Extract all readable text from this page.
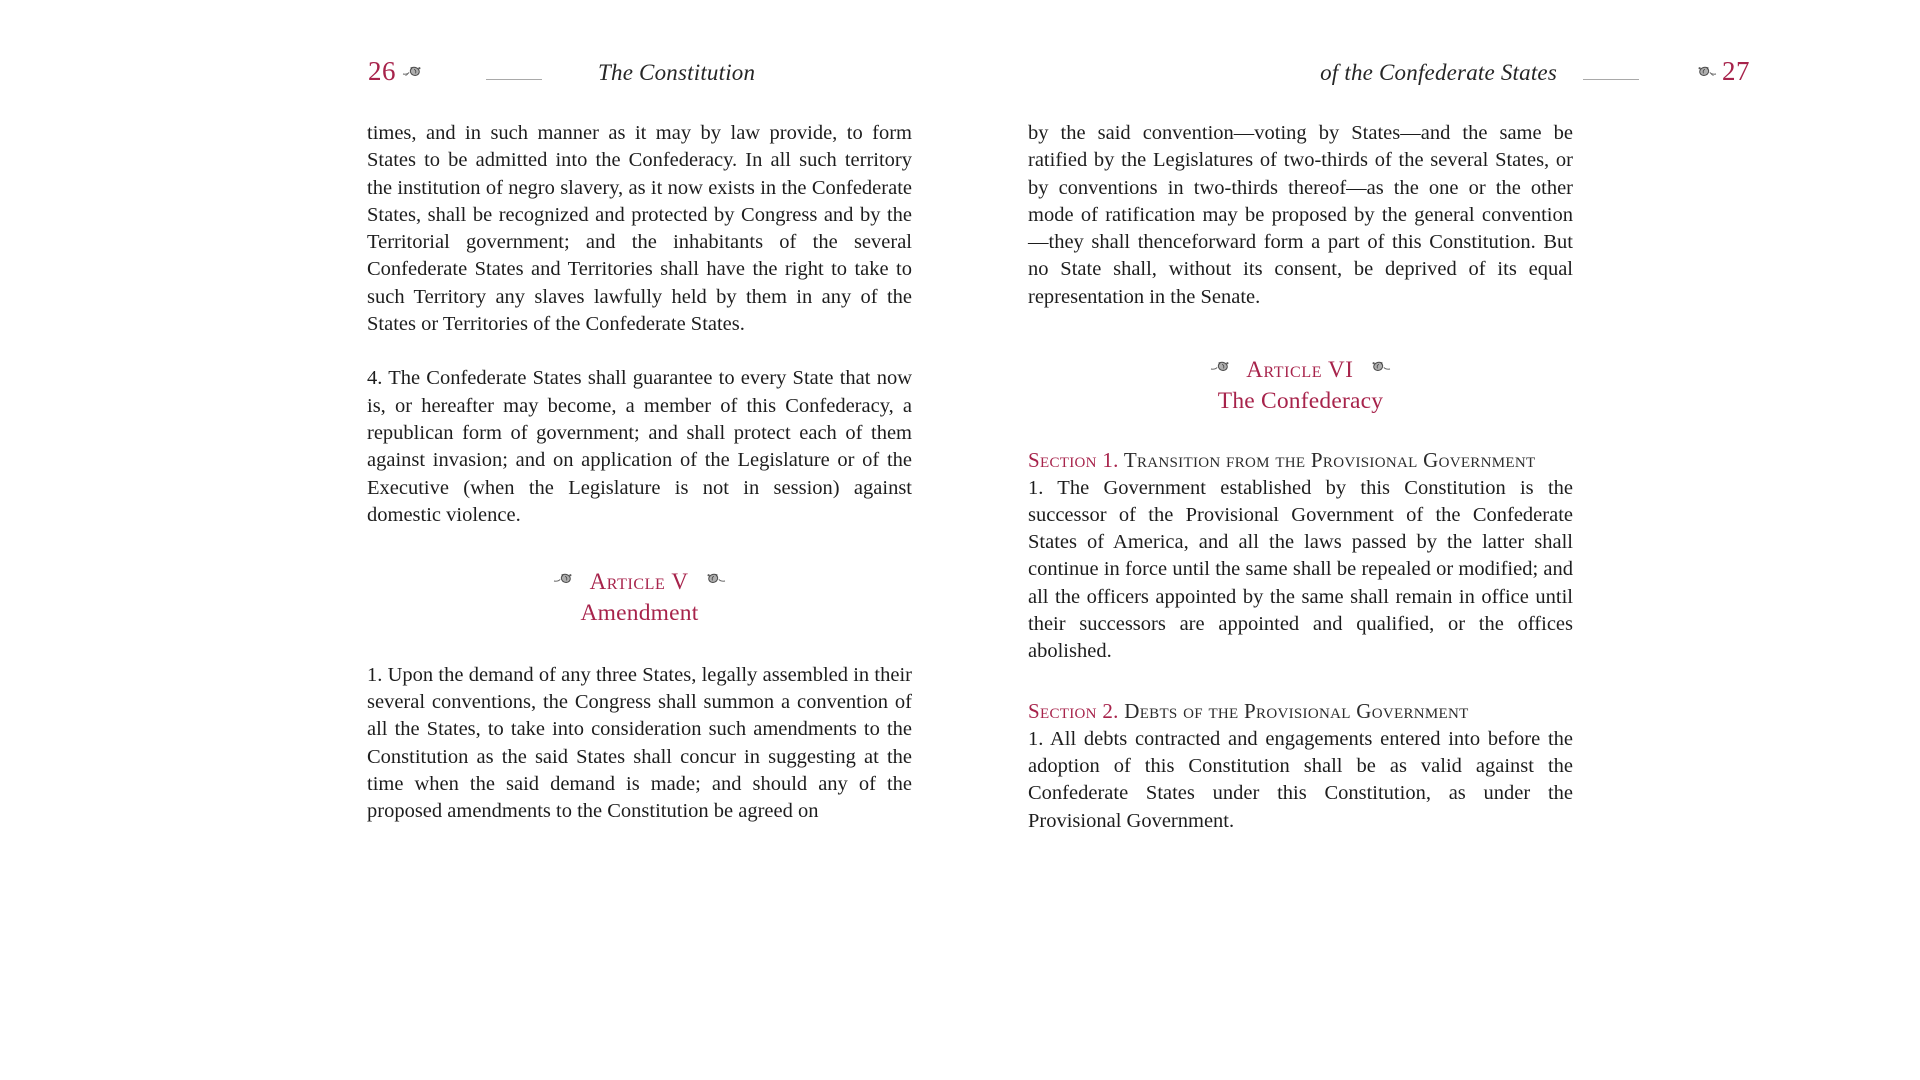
26	The Constitution	of the Confederate States	27

times, and in such manner as it may by law provide, to form States to be admitted into the Confederacy. In all such territory the institution of negro slavery, as it now exists in the Confederate States, shall be recognized and protected by Congress and by the Territorial government; and the inhabitants of the several Confederate States and Territories shall have the right to take to such Territory any slaves lawfully held by them in any of the States or Territories of the Confederate States.

4. The Confederate States shall guarantee to every State that now is, or hereafter may become, a member of this Confederacy, a republican form of government; and shall protect each of them against invasion; and on application of the Legislature or of the Executive (when the Legislature is not in session) against domestic violence.

Article V
Amendment

1. Upon the demand of any three States, legally assembled in their several conventions, the Congress shall summon a convention of all the States, to take into consideration such amendments to the Constitution as the said States shall concur in suggesting at the time when the said demand is made; and should any of the proposed amendments to the Constitution be agreed on

by the said convention—voting by States—and the same be ratified by the Legislatures of two-thirds of the several States, or by conventions in two-thirds thereof—as the one or the other mode of ratification may be proposed by the general convention—they shall thenceforward form a part of this Constitution. But no State shall, without its consent, be deprived of its equal representation in the Senate.

Article VI
The Confederacy
Section 1. Transition from the Provisional Government

1. The Government established by this Constitution is the successor of the Provisional Government of the Confederate States of America, and all the laws passed by the latter shall continue in force until the same shall be repealed or modified; and all the officers appointed by the same shall remain in office until their successors are appointed and qualified, or the offices abolished.

Section 2. Debts of the Provisional Government

1. All debts contracted and engagements entered into before the adoption of this Constitution shall be as valid against the Confederate States under this Constitution, as under the Provisional Government.
